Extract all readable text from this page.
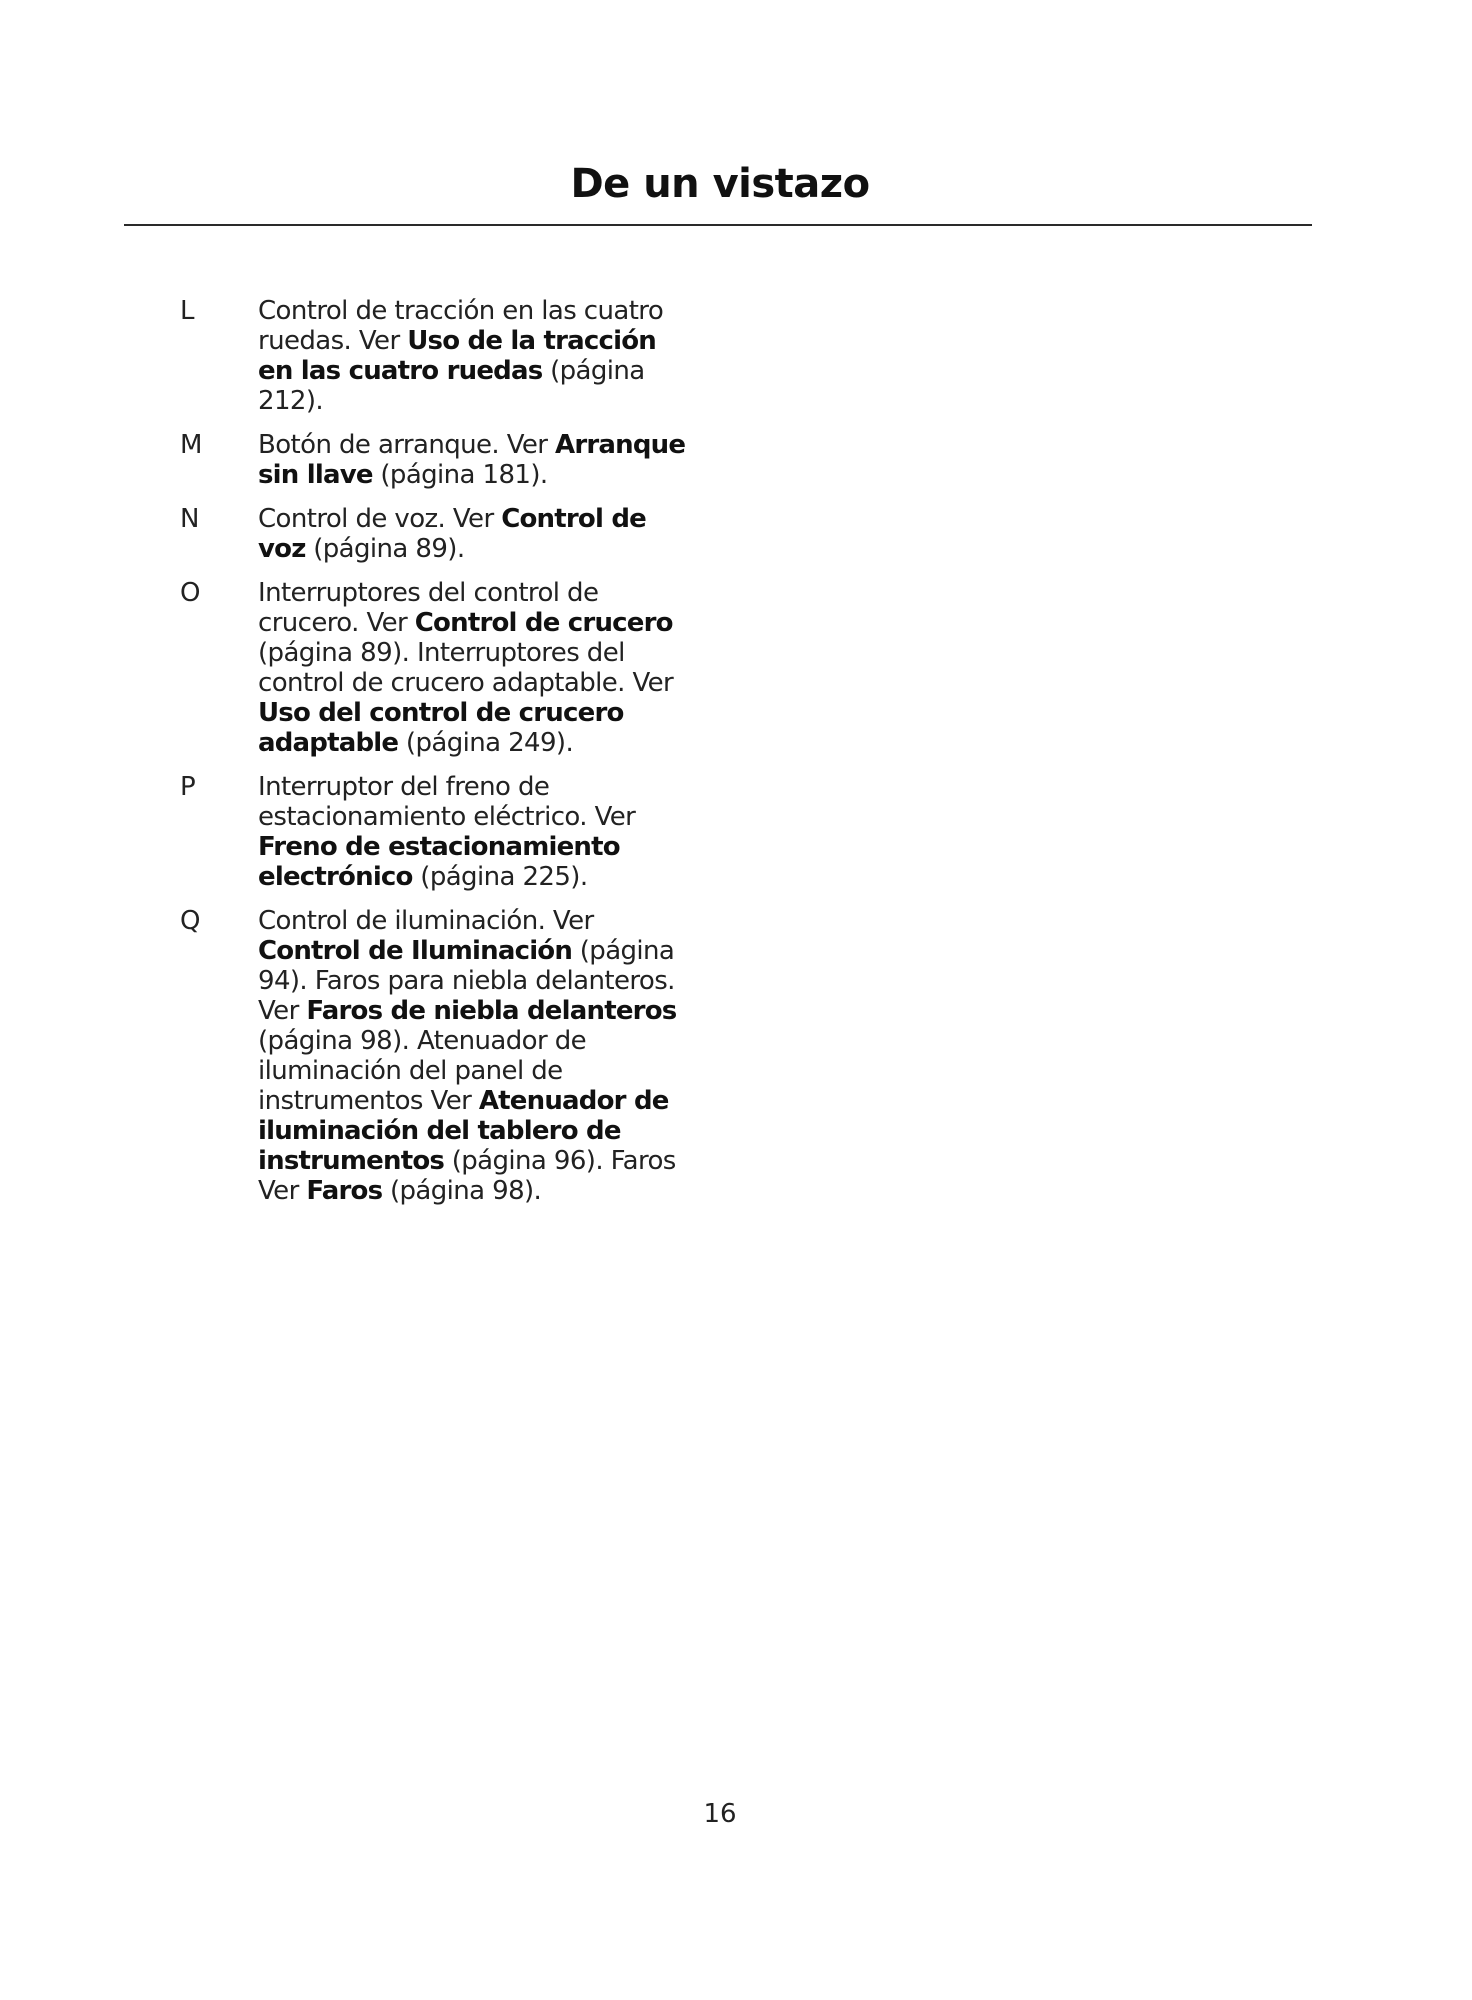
De un vistazo
L	Control de tracción en las cuatro ruedas. Ver Uso de la tracción en las cuatro ruedas (página 212).
M	Botón de arranque. Ver Arranque sin llave (página 181).
N	Control de voz. Ver Control de voz (página 89).
O	Interruptores del control de crucero. Ver Control de crucero (página 89). Interruptores del control de crucero adaptable. Ver Uso del control de crucero adaptable (página 249).
P	Interruptor del freno de estacionamiento eléctrico. Ver Freno de estacionamiento electrónico (página 225).
Q	Control de iluminación. Ver Control de Iluminación (página 94). Faros para niebla delanteros. Ver Faros de niebla delanteros (página 98). Atenuador de iluminación del panel de instrumentos Ver Atenuador de iluminación del tablero de instrumentos (página 96). Faros Ver Faros (página 98).
16
